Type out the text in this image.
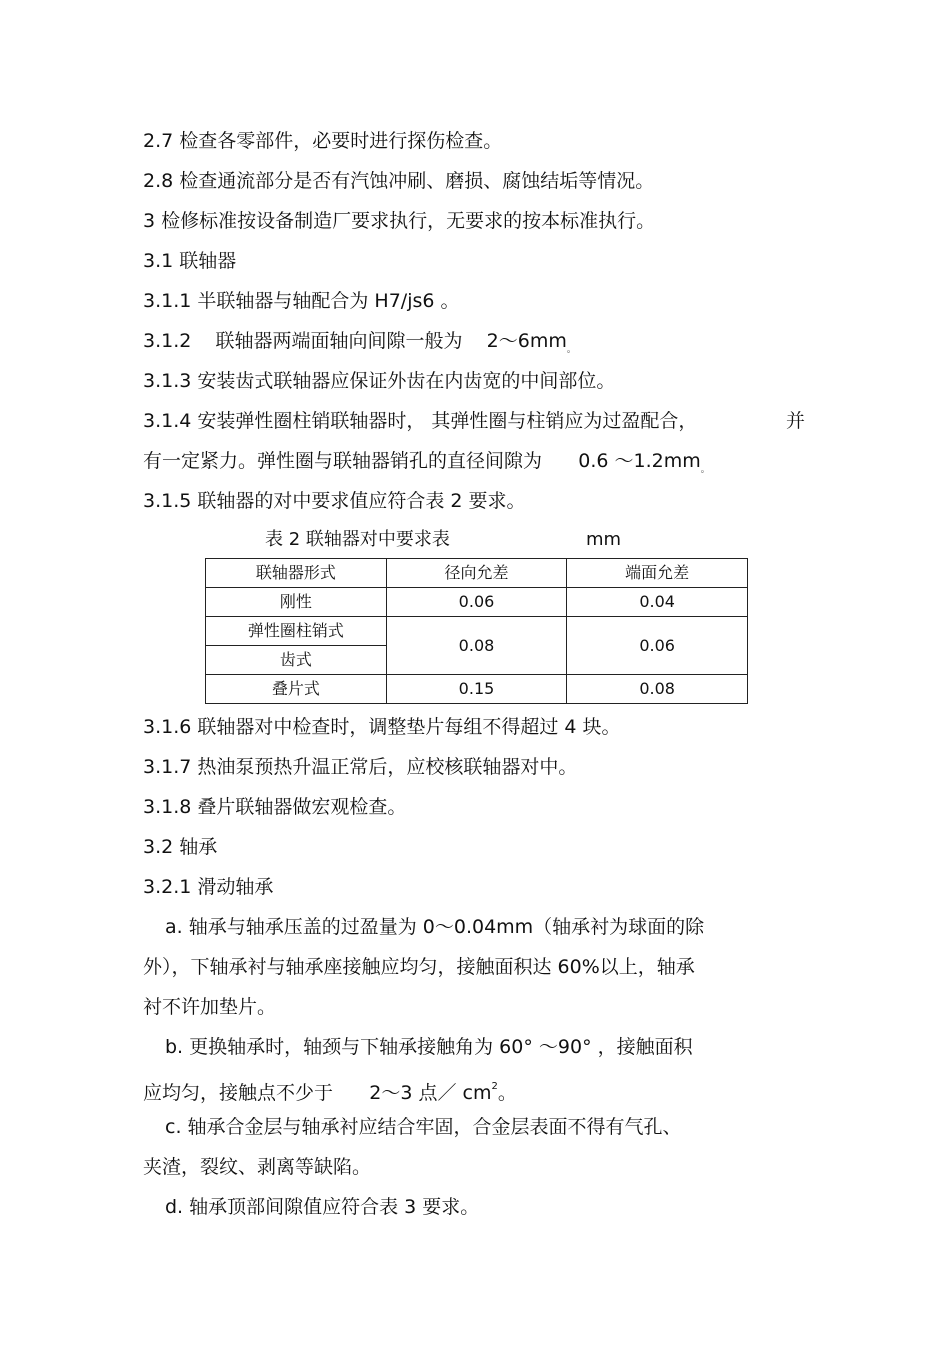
2.7 检查各零部件，必要时进行探伤检查。
2.8 检查通流部分是否有汽蚀冲刷、磨损、腐蚀结垢等情况。
3 检修标准按设备制造厂要求执行，无要求的按本标准执行。
3.1 联轴器
3.1.1 半联轴器与轴配合为 H7/js6 。
3.1.2    联轴器两端面轴向间隙一般为    $2\sim 6mm_。$
3.1.3 安装齿式联轴器应保证外齿在内齿宽的中间部位。
3.1.4 安装弹性圈柱销联轴器时， 其弹性圈与柱销应为过盈配合，	并
有一定紧力。弹性圈与联轴器销孔的直径间隙为      0.6 $\sim 1.2mm_。$
3.1.5 联轴器的对中要求值应符合表 2 要求。
表 2 联轴器对中要求表	mm
联轴器形式	径向允差	端面允差
刚性	0.06	0.04
弹性圈柱销式	0.08	0.06
齿式		
叠片式	0.15	0.08
3.1.6 联轴器对中检查时，调整垫片每组不得超过 4 块。
3.1.7 热油泵预热升温正常后，应校核联轴器对中。
3.1.8 叠片联轴器做宏观检查。
3.2 轴承
3.2.1 滑动轴承
a. 轴承与轴承压盖的过盈量为 0～0.04mm（轴承衬为球面的除
外），下轴承衬与轴承座接触应均匀，接触面积达 60%以上，轴承
衬不许加垫片。
b. 更换轴承时，轴颈与下轴承接触角为 60° ～90° ，接触面积
应均匀，接触点不少于      2～3 点／ $cm^2$。
c. 轴承合金层与轴承衬应结合牢固，合金层表面不得有气孔、
夹渣，裂纹、剥离等缺陷。
d. 轴承顶部间隙值应符合表 3 要求。
